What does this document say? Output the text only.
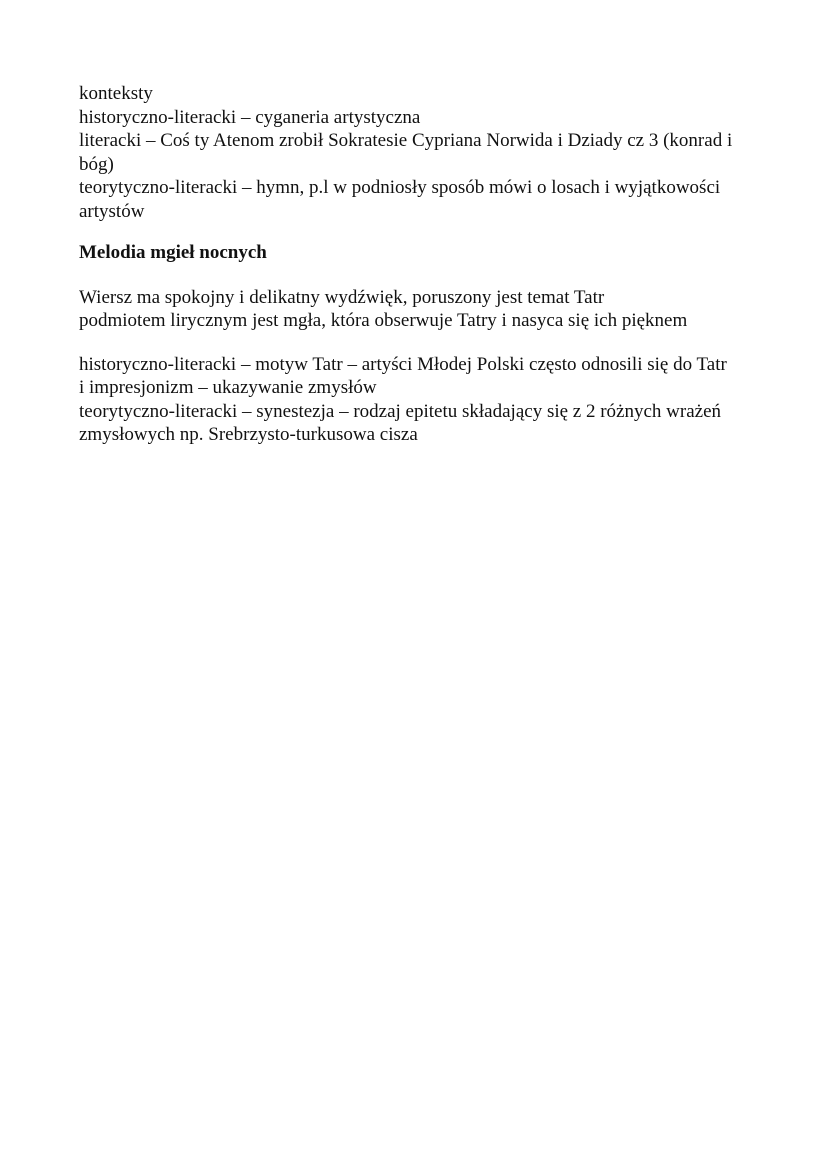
konteksty
historyczno-literacki – cyganeria artystyczna
literacki – Coś ty Atenom zrobił Sokratesie Cypriana Norwida i Dziady cz 3 (konrad i
bóg)
teorytyczno-literacki – hymn, p.l w podniosły sposób mówi o losach i wyjątkowości
artystów
Melodia mgieł nocnych
Wiersz ma spokojny i delikatny wydźwięk, poruszony jest temat Tatr
podmiotem lirycznym jest mgła, która obserwuje Tatry i nasyca się ich pięknem
historyczno-literacki – motyw Tatr – artyści Młodej Polski często odnosili się do Tatr
i impresjonizm – ukazywanie zmysłów
teorytyczno-literacki – synestezja – rodzaj epitetu składający się z 2 różnych wrażeń
zmysłowych np. Srebrzysto-turkusowa cisza
